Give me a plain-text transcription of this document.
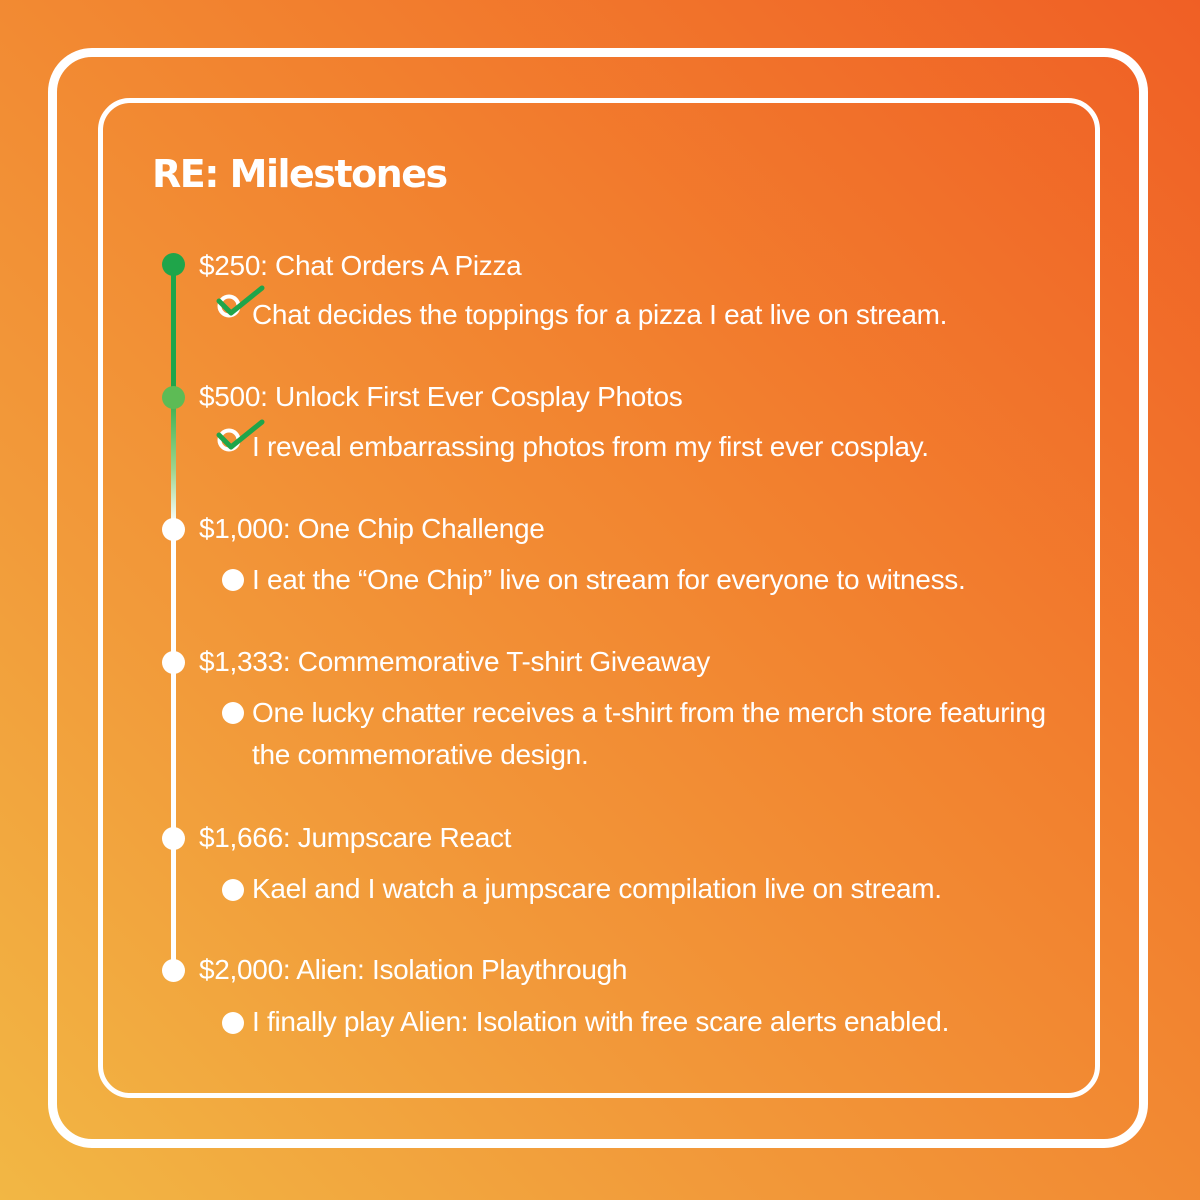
RE: Milestones
$250: Chat Orders A Pizza
Chat decides the toppings for a pizza I eat live on stream.
$500: Unlock First Ever Cosplay Photos
I reveal embarrassing photos from my first ever cosplay.
$1,000: One Chip Challenge
I eat the “One Chip” live on stream for everyone to witness.
$1,333: Commemorative T-shirt Giveaway
One lucky chatter receives a t-shirt from the merch store featuring the commemorative design.
$1,666: Jumpscare React
Kael and I watch a jumpscare compilation live on stream.
$2,000: Alien: Isolation Playthrough
I finally play Alien: Isolation with free scare alerts enabled.
